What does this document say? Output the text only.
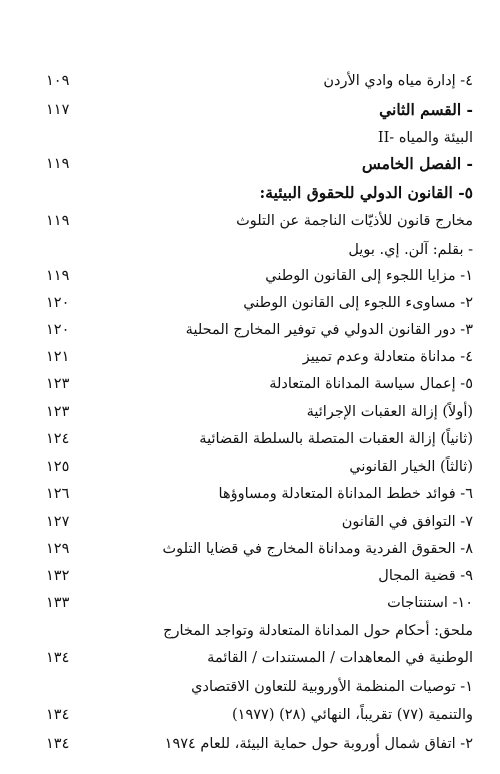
٤- إدارة مياه وادي الأردن
١٠٩
- القسم الثاني
١١٧
II- البيئة والمياه
- الفصل الخامس
١١٩
٥- القانون الدولي للحقوق البيئية:
مخارج قانون للأذيّات الناجمة عن التلوث
١١٩
- بقلم: آلن. إي. بويل
١- مزايا اللجوء إلى القانون الوطني
١١٩
٢- مساوىء اللجوء إلى القانون الوطني
١٢٠
٣- دور القانون الدولي في توفير المخارج المحلية
١٢٠
٤- مداناة متعادلة وعدم تمييز
١٢١
٥- إعمال سياسة المداناة المتعادلة
١٢٣
(أولاً) إزالة العقبات الإجرائية
١٢٣
(ثانياً) إزالة العقبات المتصلة بالسلطة القضائية
١٢٤
(ثالثاً) الخيار القانوني
١٢٥
٦- فوائد خطط المداناة المتعادلة ومساوؤها
١٢٦
٧- التوافق في القانون
١٢٧
٨- الحقوق الفردية ومداناة المخارج في قضايا التلوث
١٢٩
٩- قضية المجال
١٣٢
١٠- استنتاجات
١٣٣
ملحق: أحكام حول المداناة المتعادلة وتواجد المخارج
الوطنية في المعاهدات / المستندات / القائمة
١٣٤
١- توصيات المنظمة الأوروبية للتعاون الاقتصادي
والتنمية (٧٧) تقريباً، النهائي (٢٨) (١٩٧٧)
١٣٤
٢- اتفاق شمال أوروبة حول حماية البيئة، للعام ١٩٧٤
١٣٤
